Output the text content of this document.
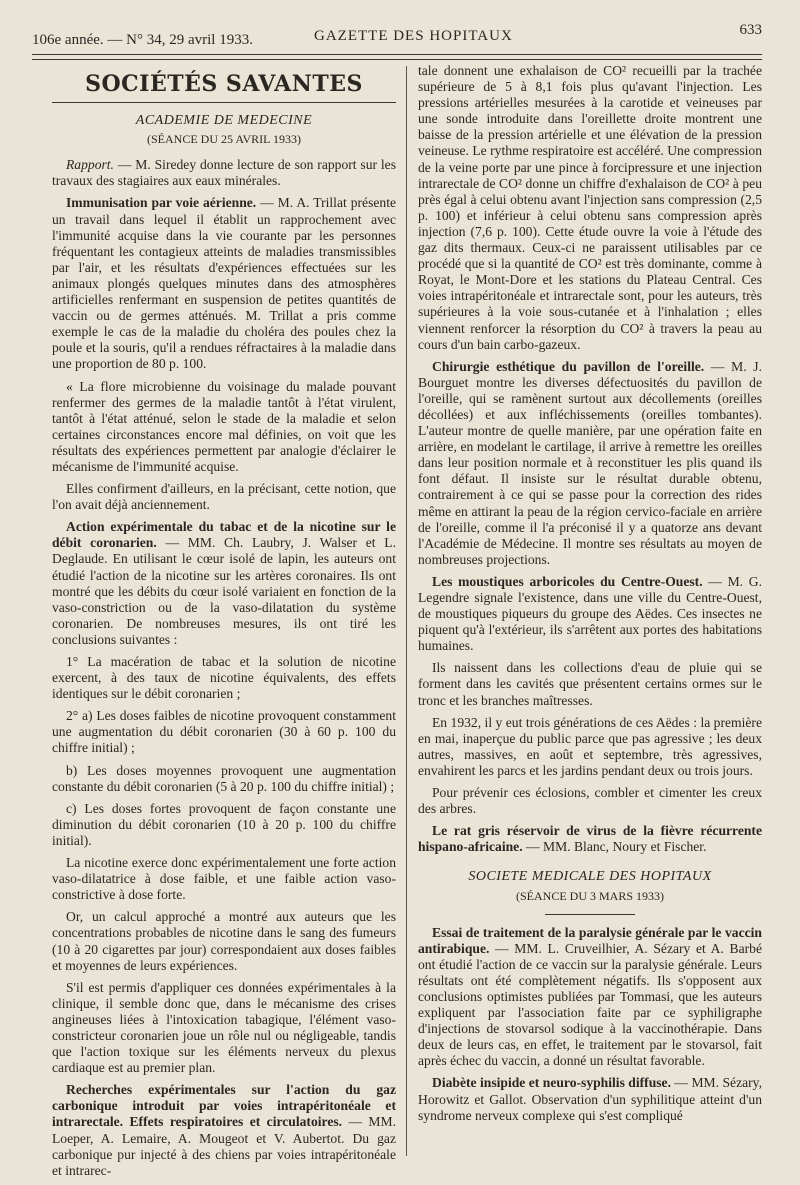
106e année. — N° 34, 29 avril 1933.	GAZETTE DES HOPITAUX	633
SOCIÉTÉS SAVANTES
ACADEMIE DE MEDECINE
(SÉANCE DU 25 AVRIL 1933)

Rapport. — M. Siredey donne lecture de son rapport sur les travaux des stagiaires aux eaux minérales.

Immunisation par voie aérienne. — M. A. Trillat présente un travail dans lequel il établit un rapprochement avec l'immunité acquise dans la vie courante par les personnes fréquentant les contagieux atteints de maladies transmissibles par l'air, et les résultats d'expériences effectuées sur les animaux plongés quelques minutes dans des atmosphères artificielles renfermant en suspension de petites quantités de vaccin ou de germes atténués. M. Trillat a pris comme exemple le cas de la maladie du choléra des poules chez la poule et la souris, qu'il a rendues réfractaires à la maladie dans une proportion de 80 p. 100.

« La flore microbienne du voisinage du malade pouvant renfermer des germes de la maladie tantôt à l'état virulent, tantôt à l'état atténué, selon le stade de la maladie et selon certaines circonstances encore mal définies, on voit que les résultats des expériences permettent par analogie d'éclairer le mécanisme de l'immunité acquise.

Elles confirment d'ailleurs, en la précisant, cette notion, que l'on avait déjà anciennement.

Action expérimentale du tabac et de la nicotine sur le débit coronarien. — MM. Ch. Laubry, J. Walser et L. Deglaude. En utilisant le cœur isolé de lapin, les auteurs ont étudié l'action de la nicotine sur les artères coronaires. Ils ont montré que les débits du cœur isolé variaient en fonction de la vaso-constriction ou de la vaso-dilatation du système coronarien. De nombreuses mesures, ils ont tiré les conclusions suivantes :

1° La macération de tabac et la solution de nicotine exercent, à des taux de nicotine équivalents, des effets identiques sur le débit coronarien ;

2° a) Les doses faibles de nicotine provoquent constamment une augmentation du débit coronarien (30 à 60 p. 100 du chiffre initial) ;

b) Les doses moyennes provoquent une augmentation constante du débit coronarien (5 à 20 p. 100 du chiffre initial) ;

c) Les doses fortes provoquent de façon constante une diminution du débit coronarien (10 à 20 p. 100 du chiffre initial).

La nicotine exerce donc expérimentalement une forte action vaso-dilatatrice à dose faible, et une faible action vaso-constrictive à dose forte.

Or, un calcul approché a montré aux auteurs que les concentrations probables de nicotine dans le sang des fumeurs (10 à 20 cigarettes par jour) correspondaient aux doses faibles et moyennes de leurs expériences.

S'il est permis d'appliquer ces données expérimentales à la clinique, il semble donc que, dans le mécanisme des crises angineuses liées à l'intoxication tabagique, l'élément vaso-constricteur coronarien joue un rôle nul ou négligeable, tandis que l'action toxique sur les éléments nerveux du plexus cardiaque est au premier plan.

Recherches expérimentales sur l'action du gaz carbonique introduit par voies intrapéritonéale et intrarectale. Effets respiratoires et circulatoires. — MM. Loeper, A. Lemaire, A. Mougeot et V. Aubertot. Du gaz carbonique pur injecté à des chiens par voies intrapéritonéale et intrarec-

tale donnent une exhalaison de CO² recueilli par la trachée supérieure de 5 à 8,1 fois plus qu'avant l'injection. Les pressions artérielles mesurées à la carotide et veineuses par une sonde introduite dans l'oreillette droite montrent une baisse de la pression artérielle et une élévation de la pression veineuse. Le rythme respiratoire est accéléré. Une compression de la veine porte par une pince à forcipressure et une injection intrarectale de CO² donne un chiffre d'exhalaison de CO² à peu près égal à celui obtenu avant l'injection sans compression (2,5 p. 100) et inférieur à celui obtenu sans compression après injection (7,6 p. 100). Cette étude ouvre la voie à l'étude des gaz dits thermaux. Ceux-ci ne paraissent utilisables par ce procédé que si la quantité de CO² est très dominante, comme à Royat, le Mont-Dore et les stations du Plateau Central. Ces voies intrapéritonéale et intrarectale sont, pour les auteurs, très supérieures à la voie sous-cutanée et à l'inhalation ; elles viennent renforcer la résorption du CO² à travers la peau au cours d'un bain carbo-gazeux.

Chirurgie esthétique du pavillon de l'oreille. — M. J. Bourguet montre les diverses défectuosités du pavillon de l'oreille, qui se ramènent surtout aux décollements (oreilles décollées) et aux infléchissements (oreilles tombantes). L'auteur montre de quelle manière, par une opération faite en arrière, en modelant le cartilage, il arrive à remettre les oreilles dans leur position normale et à reconstituer les plis quand ils font défaut. Il insiste sur le résultat durable obtenu, contrairement à ce qui se passe pour la correction des rides même en attirant la peau de la région cervico-faciale en arrière de l'oreille, comme il l'a préconisé il y a quatorze ans devant l'Académie de Médecine. Il montre ses résultats au moyen de nombreuses projections.

Les moustiques arboricoles du Centre-Ouest. — M. G. Legendre signale l'existence, dans une ville du Centre-Ouest, de moustiques piqueurs du groupe des Aëdes. Ces insectes ne piquent qu'à l'extérieur, ils s'arrêtent aux portes des habitations humaines.

Ils naissent dans les collections d'eau de pluie qui se forment dans les cavités que présentent certains ormes sur le tronc et les branches maîtresses.

En 1932, il y eut trois générations de ces Aëdes : la première en mai, inaperçue du public parce que pas agressive ; les deux autres, massives, en août et septembre, très agressives, envahirent les parcs et les jardins pendant deux ou trois jours.

Pour prévenir ces éclosions, combler et cimenter les creux des arbres.

Le rat gris réservoir de virus de la fièvre récurrente hispano-africaine. — MM. Blanc, Noury et Fischer.

SOCIETE MEDICALE DES HOPITAUX
(SÉANCE DU 3 MARS 1933)

Essai de traitement de la paralysie générale par le vaccin antirabique. — MM. L. Cruveilhier, A. Sézary et A. Barbé ont étudié l'action de ce vaccin sur la paralysie générale. Leurs résultats ont été complètement négatifs. Ils s'opposent aux conclusions optimistes publiées par Tommasi, que les auteurs expliquent par l'association faite par ce syphiligraphe d'injections de stovarsol sodique à la vaccinothérapie. Dans deux de leurs cas, en effet, le traitement par le stovarsol, fait après échec du vaccin, a donné un résultat favorable.

Diabète insipide et neuro-syphilis diffuse. — MM. Sézary, Horowitz et Gallot. Observation d'un syphilitique atteint d'un syndrome nerveux complexe qui s'est compliqué
